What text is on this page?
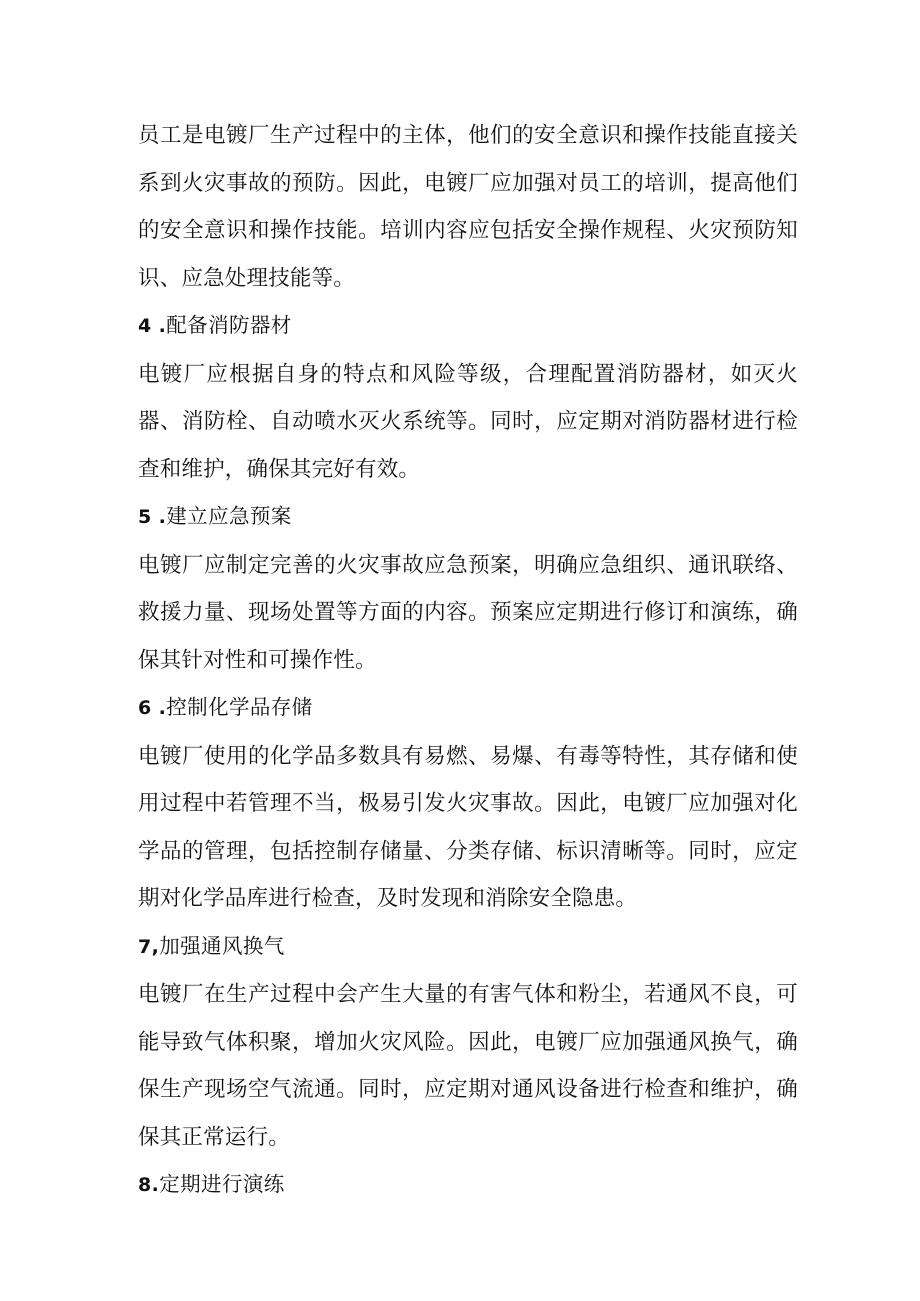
员工是电镀厂生产过程中的主体，他们的安全意识和操作技能直接关系到火灾事故的预防。因此，电镀厂应加强对员工的培训，提高他们的安全意识和操作技能。培训内容应包括安全操作规程、火灾预防知识、应急处理技能等。

4 .配备消防器材

电镀厂应根据自身的特点和风险等级，合理配置消防器材，如灭火器、消防栓、自动喷水灭火系统等。同时，应定期对消防器材进行检查和维护，确保其完好有效。

5 .建立应急预案

电镀厂应制定完善的火灾事故应急预案，明确应急组织、通讯联络、救援力量、现场处置等方面的内容。预案应定期进行修订和演练，确保其针对性和可操作性。

6 .控制化学品存储

电镀厂使用的化学品多数具有易燃、易爆、有毒等特性，其存储和使用过程中若管理不当，极易引发火灾事故。因此，电镀厂应加强对化学品的管理，包括控制存储量、分类存储、标识清晰等。同时，应定期对化学品库进行检查，及时发现和消除安全隐患。

7,加强通风换气

电镀厂在生产过程中会产生大量的有害气体和粉尘，若通风不良，可能导致气体积聚，增加火灾风险。因此，电镀厂应加强通风换气，确保生产现场空气流通。同时，应定期对通风设备进行检查和维护，确保其正常运行。

8.定期进行演练
